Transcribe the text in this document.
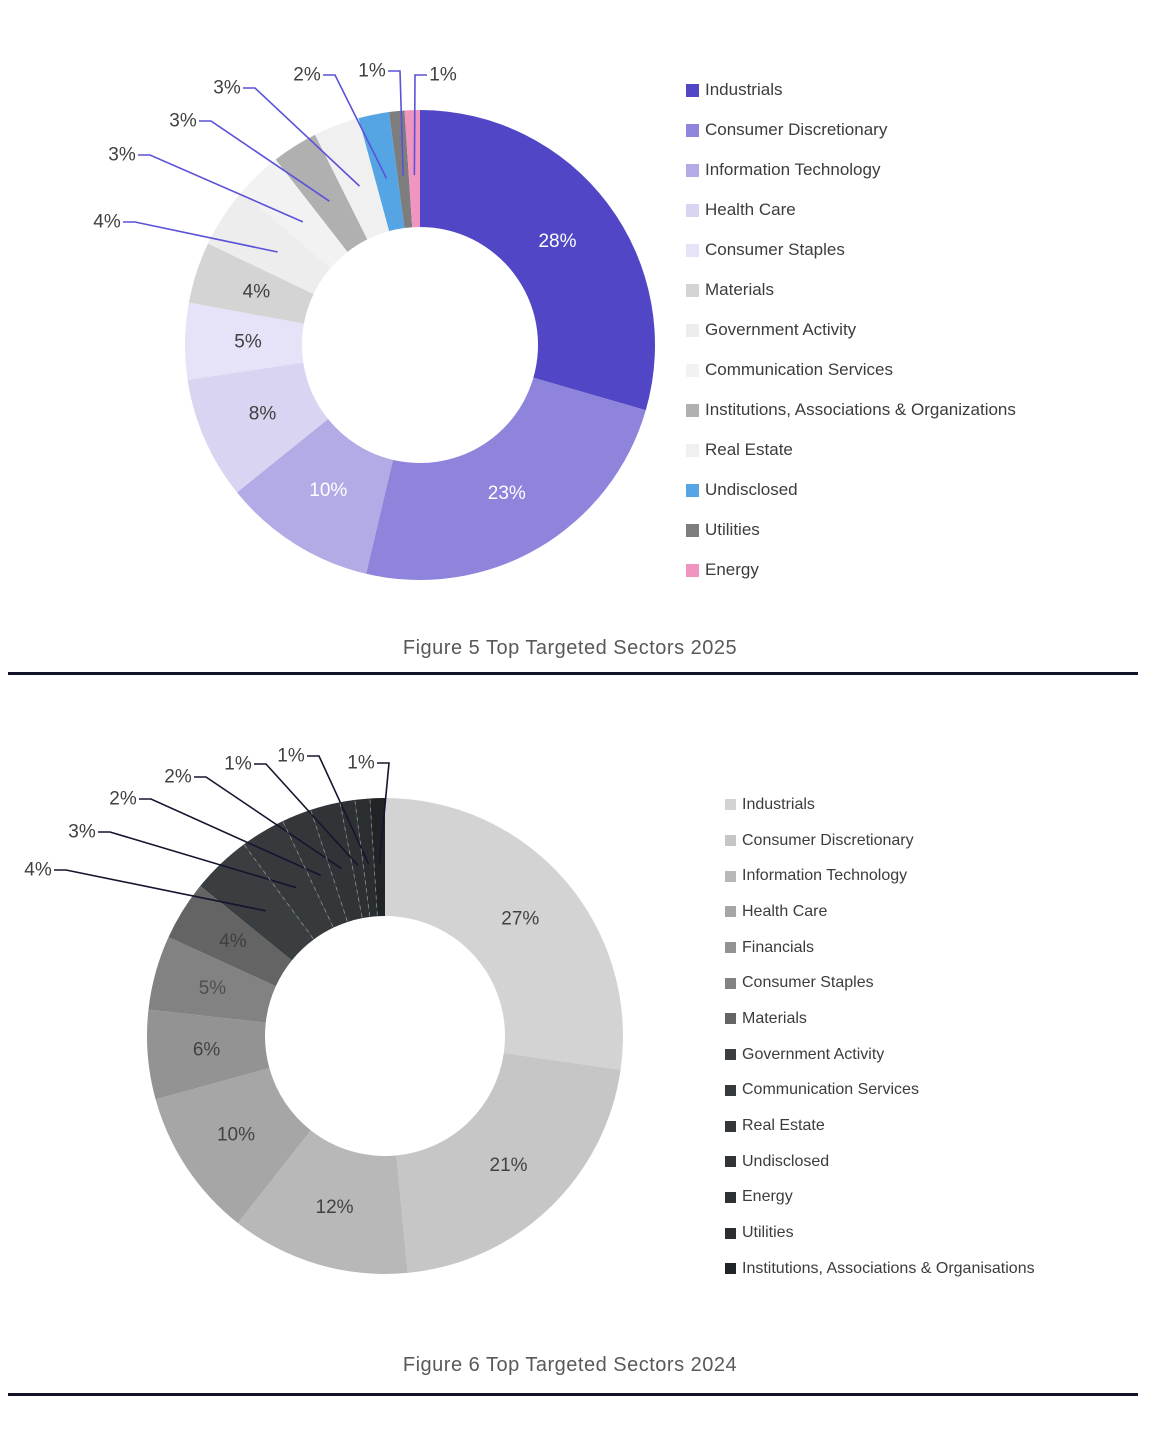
28%
23%
10%
8%
5%
4%
4%
3%
3%
3%
2% 1% 1%
Industrials
Consumer Discretionary
Information Technology
Health Care
Consumer Staples
Materials
Government Activity
Communication Services
Institutions, Associations & Organizations
Real Estate
Undisclosed
Utilities
Energy
Figure 5 Top Targeted Sectors 2025
27%
21%
12%
10%
6%
5%
4%
4%
3%
2%
2%
1% 1% 1%
Industrials
Consumer Discretionary
Information Technology
Health Care
Financials
Consumer Staples
Materials
Government Activity
Communication Services
Real Estate
Undisclosed
Energy
Utilities
Institutions, Associations & Organisations
Figure 6 Top Targeted Sectors 2024
